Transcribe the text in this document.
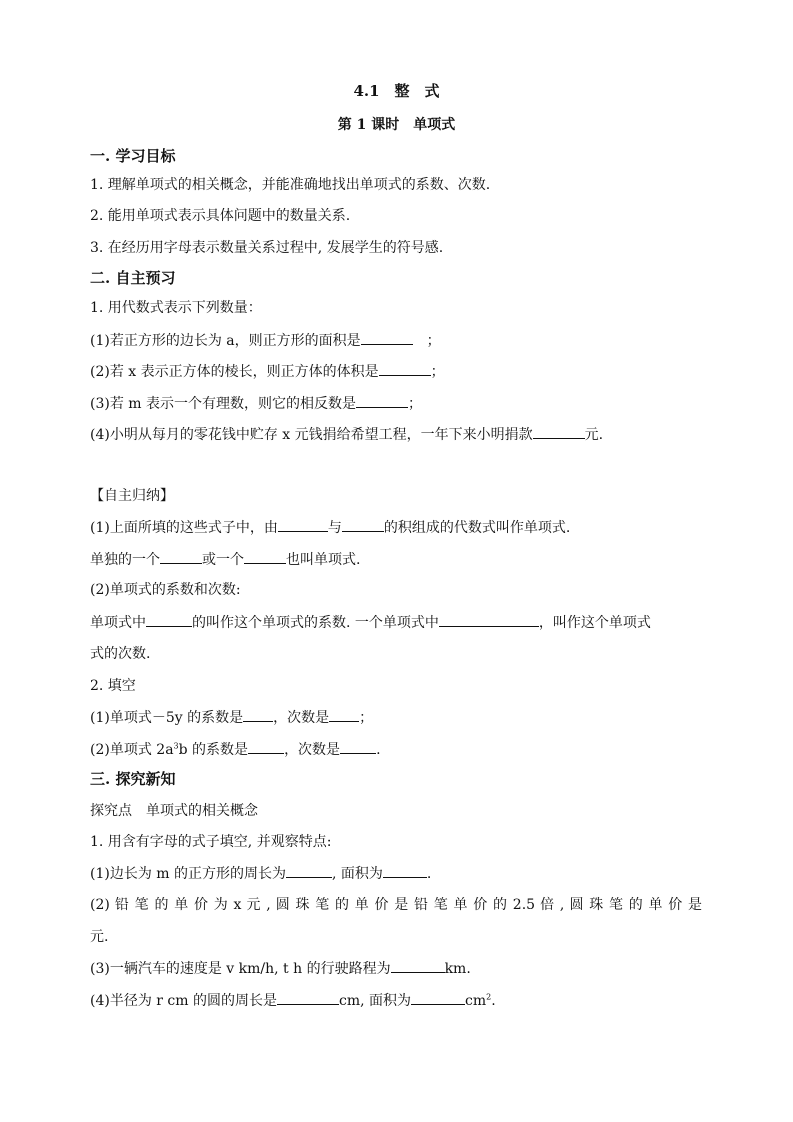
4.1　整　式
第 1 课时　单项式
一. 学习目标
1. 理解单项式的相关概念，并能准确地找出单项式的系数、次数.
2. 能用单项式表示具体问题中的数量关系.
3. 在经历用字母表示数量关系过程中, 发展学生的符号感.
二. 自主预习
1. 用代数式表示下列数量：
(1)若正方形的边长为 a，则正方形的面积是	　；
(2)若 x 表示正方体的棱长，则正方体的体积是	；
(3)若 m 表示一个有理数，则它的相反数是	；
(4)小明从每月的零花钱中贮存 x 元钱捐给希望工程，一年下来小明捐款	元.
【自主归纳】
(1)上面所填的这些式子中，由	与	的积组成的代数式叫作单项式.
单独的一个	或一个	也叫单项式.
(2)单项式的系数和次数:
单项式中	的叫作这个单项式的系数. 一个单项式中	，叫作这个单项式
式的次数.
2. 填空
(1)单项式－5y 的系数是 ，次数是 ；
(2)单项式 $2a^3b$ 的系数是	，次数是	.
三. 探究新知
探究点　单项式的相关概念
1. 用含有字母的式子填空, 并观察特点:
(1)边长为 m 的正方形的周长为	, 面积为	.
(2) 铅 笔 的 单 价 为 x 元 , 圆 珠 笔 的 单 价 是 铅 笔 单 价 的 2.5 倍 , 圆 珠 笔 的 单 价 是
元.
(3)一辆汽车的速度是 v km/h, t h 的行驶路程为	km.
(4)半径为 r cm 的圆的周长是	cm, 面积为	$cm^2$.
